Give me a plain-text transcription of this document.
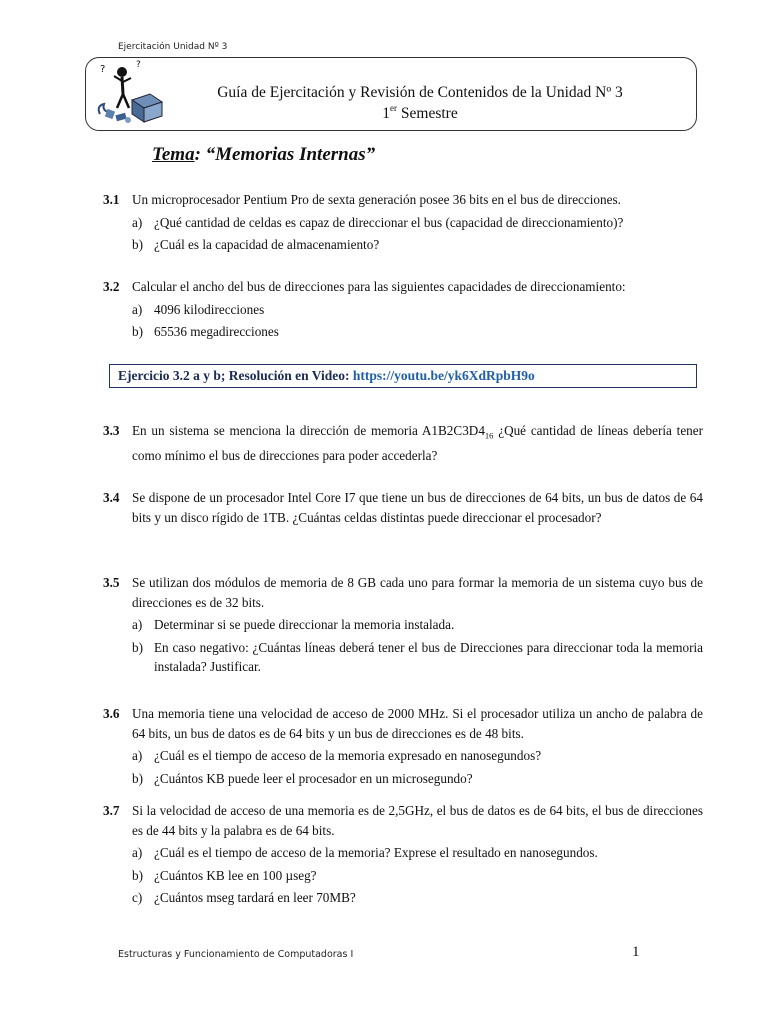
Ejercitación Unidad Nº 3
?	?
Guía de Ejercitación y Revisión de Contenidos de la Unidad Nº 3
1er Semestre
Tema: “Memorias Internas”
3.1 Un microprocesador Pentium Pro de sexta generación posee 36 bits en el bus de direcciones.
a) ¿Qué cantidad de celdas es capaz de direccionar el bus (capacidad de direccionamiento)?
b) ¿Cuál es la capacidad de almacenamiento?
3.2 Calcular el ancho del bus de direcciones para las siguientes capacidades de direccionamiento:
a) 4096 kilodirecciones
b) 65536 megadirecciones
Ejercicio 3.2 a y b; Resolución en Video: https://youtu.be/yk6XdRpbH9o
3.3 En un sistema se menciona la dirección de memoria $A1B2C3D4_{16}$ ¿Qué cantidad de líneas debería tener como mínimo el bus de direcciones para poder accederla?
3.4 Se dispone de un procesador Intel Core I7 que tiene un bus de direcciones de 64 bits, un bus de datos de 64 bits y un disco rígido de 1TB. ¿Cuántas celdas distintas puede direccionar el procesador?
3.5 Se utilizan dos módulos de memoria de 8 GB cada uno para formar la memoria de un sistema cuyo bus de direcciones es de 32 bits.
a) Determinar si se puede direccionar la memoria instalada.
b) En caso negativo: ¿Cuántas líneas deberá tener el bus de Direcciones para direccionar toda la memoria instalada? Justificar.
3.6 Una memoria tiene una velocidad de acceso de 2000 MHz. Si el procesador utiliza un ancho de palabra de 64 bits, un bus de datos es de 64 bits y un bus de direcciones es de 48 bits.
a) ¿Cuál es el tiempo de acceso de la memoria expresado en nanosegundos?
b) ¿Cuántos KB puede leer el procesador en un microsegundo?
3.7 Si la velocidad de acceso de una memoria es de 2,5GHz, el bus de datos es de 64 bits, el bus de direcciones es de 44 bits y la palabra es de 64 bits.
a) ¿Cuál es el tiempo de acceso de la memoria? Exprese el resultado en nanosegundos.
b) ¿Cuántos KB lee en 100 µseg?
c) ¿Cuántos mseg tardará en leer 70MB?
Estructuras y Funcionamiento de Computadoras I	1
